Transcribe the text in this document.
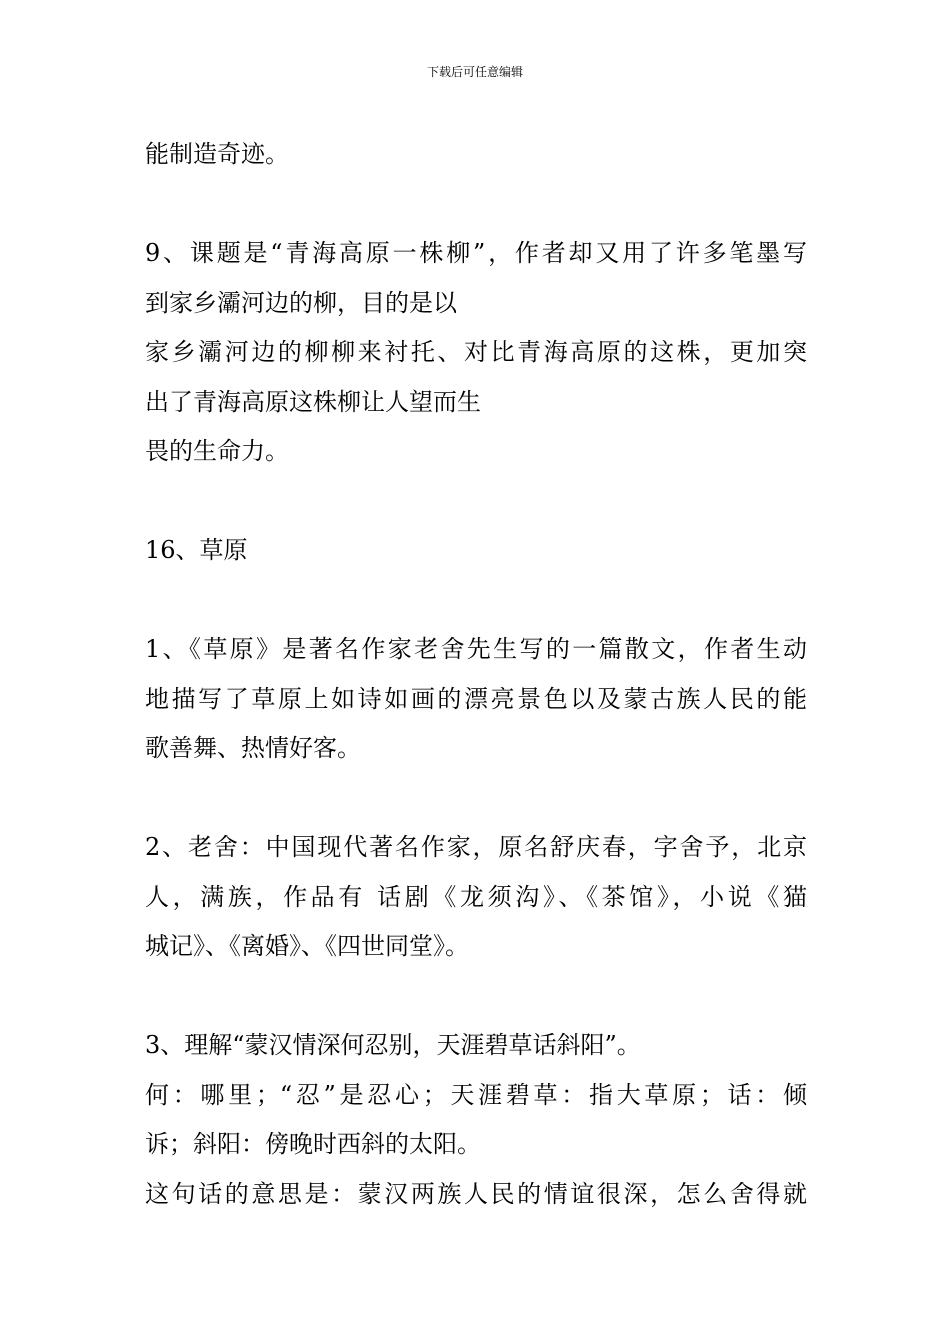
下载后可任意编辑
能制造奇迹。
9、课题是“青海高原一株柳”，作者却又用了许多笔墨写
到家乡灞河边的柳，目的是以
家乡灞河边的柳柳来衬托、对比青海高原的这株，更加突
出了青海高原这株柳让人望而生
畏的生命力。
16、草原
1、《草原》是著名作家老舍先生写的一篇散文，作者生动
地描写了草原上如诗如画的漂亮景色以及蒙古族人民的能
歌善舞、热情好客。
2、老舍：中国现代著名作家，原名舒庆春，字舍予，北京
人，满族，作品有 话剧《龙须沟》、《茶馆》，小说《猫
城记》、《离婚》、《四世同堂》。
3、理解“蒙汉情深何忍别，天涯碧草话斜阳”。
何：哪里；“忍”是忍心；天涯碧草：指大草原；话：倾
诉；斜阳：傍晚时西斜的太阳。
这句话的意思是：蒙汉两族人民的情谊很深，怎么舍得就
